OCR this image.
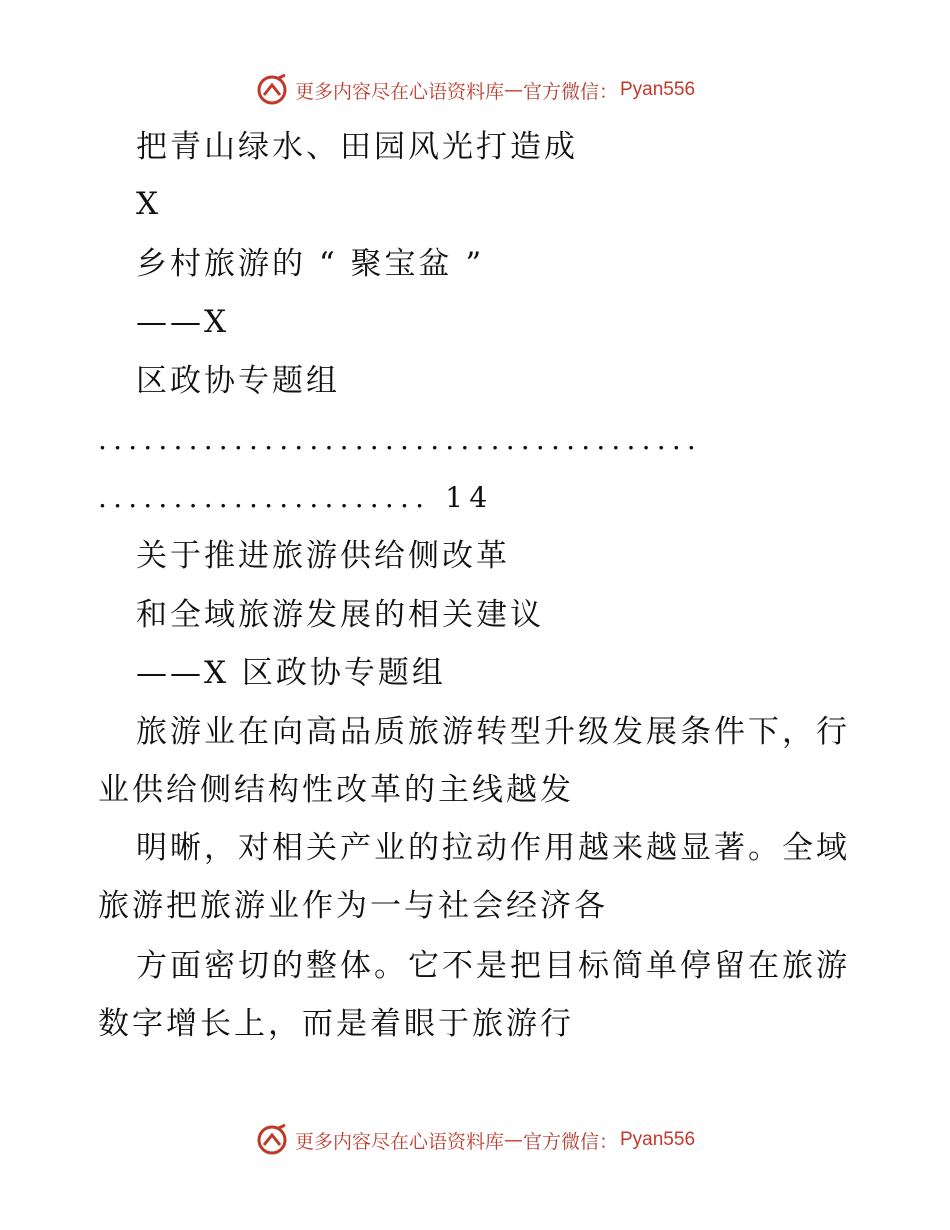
更多内容尽在心语资料库 — 官方微信： Pyan556
把青山绿水、田园风光打造成
X
乡村旅游的 “ 聚宝盆 ”
——X
区政协专题组
........................................
...................... 14
关于推进旅游供给侧改革
和全域旅游发展的相关建议
——X 区政协专题组
旅游业在向高品质旅游转型升级发展条件下，行
业供给侧结构性改革的主线越发
明晰，对相关产业的拉动作用越来越显著。全域
旅游把旅游业作为一与社会经济各
方面密切的整体。它不是把目标简单停留在旅游
数字增长上，而是着眼于旅游行
更多内容尽在心语资料库 — 官方微信： Pyan556
